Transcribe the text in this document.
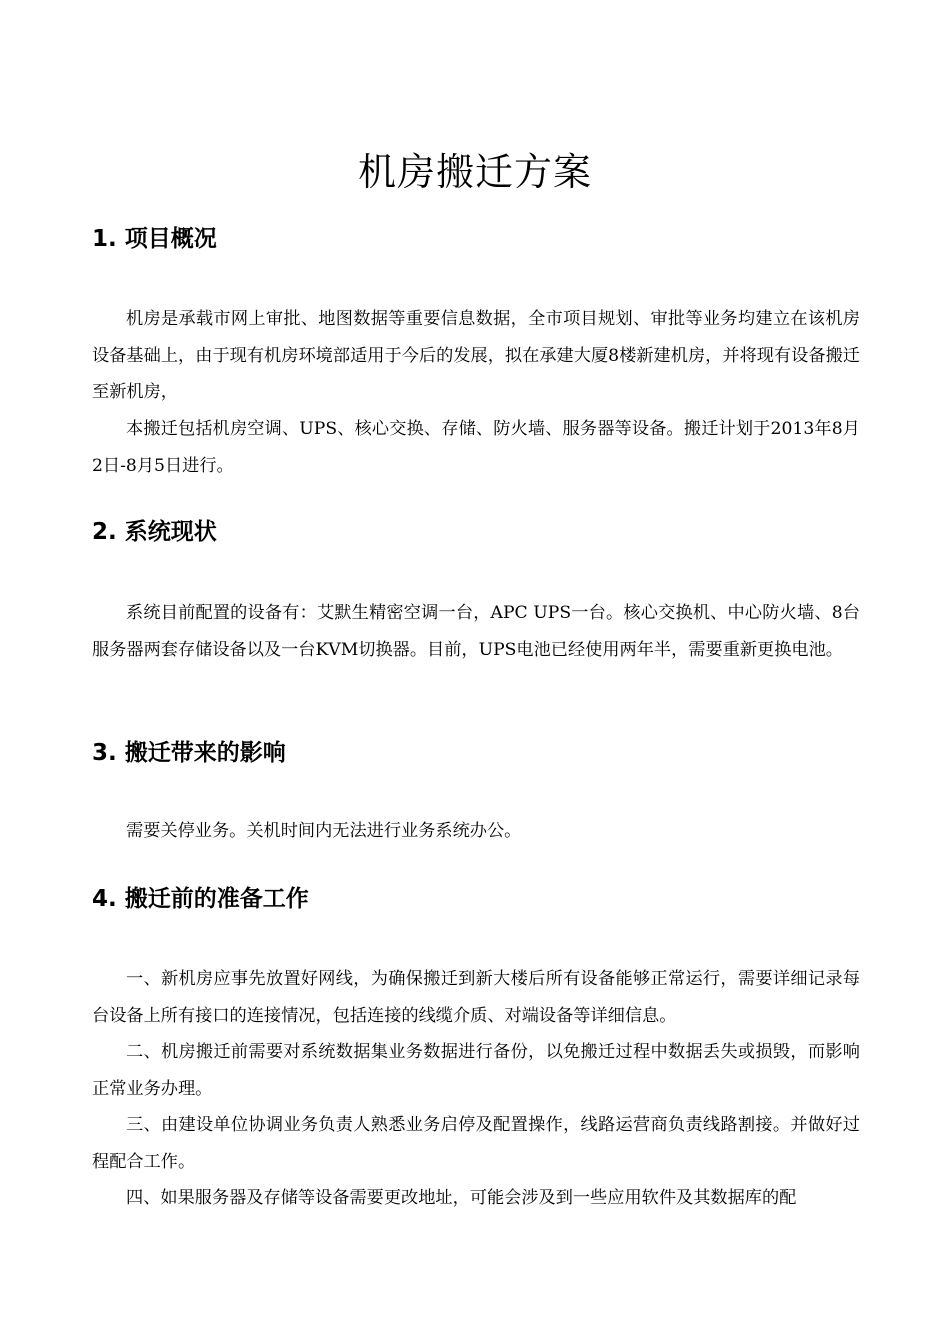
机房搬迁方案
1. 项目概况

机房是承载市网上审批、地图数据等重要信息数据，全市项目规划、审批等业务均建立在该机房设备基础上，由于现有机房环境部适用于今后的发展，拟在承建大厦8楼新建机房，并将现有设备搬迁至新机房，

本搬迁包括机房空调、UPS、核心交换、存储、防火墙、服务器等设备。搬迁计划于2013年8月2日-8月5日进行。

2. 系统现状

系统目前配置的设备有：艾默生精密空调一台，APC UPS一台。核心交换机、中心防火墙、8台服务器两套存储设备以及一台KVM切换器。目前，UPS电池已经使用两年半，需要重新更换电池。

3. 搬迁带来的影响

需要关停业务。关机时间内无法进行业务系统办公。

4. 搬迁前的准备工作

一、新机房应事先放置好网线，为确保搬迁到新大楼后所有设备能够正常运行，需要详细记录每台设备上所有接口的连接情况，包括连接的线缆介质、对端设备等详细信息。

二、机房搬迁前需要对系统数据集业务数据进行备份，以免搬迁过程中数据丢失或损毁，而影响正常业务办理。

三、由建设单位协调业务负责人熟悉业务启停及配置操作，线路运营商负责线路割接。并做好过程配合工作。

四、如果服务器及存储等设备需要更改地址，可能会涉及到一些应用软件及其数据库的配
